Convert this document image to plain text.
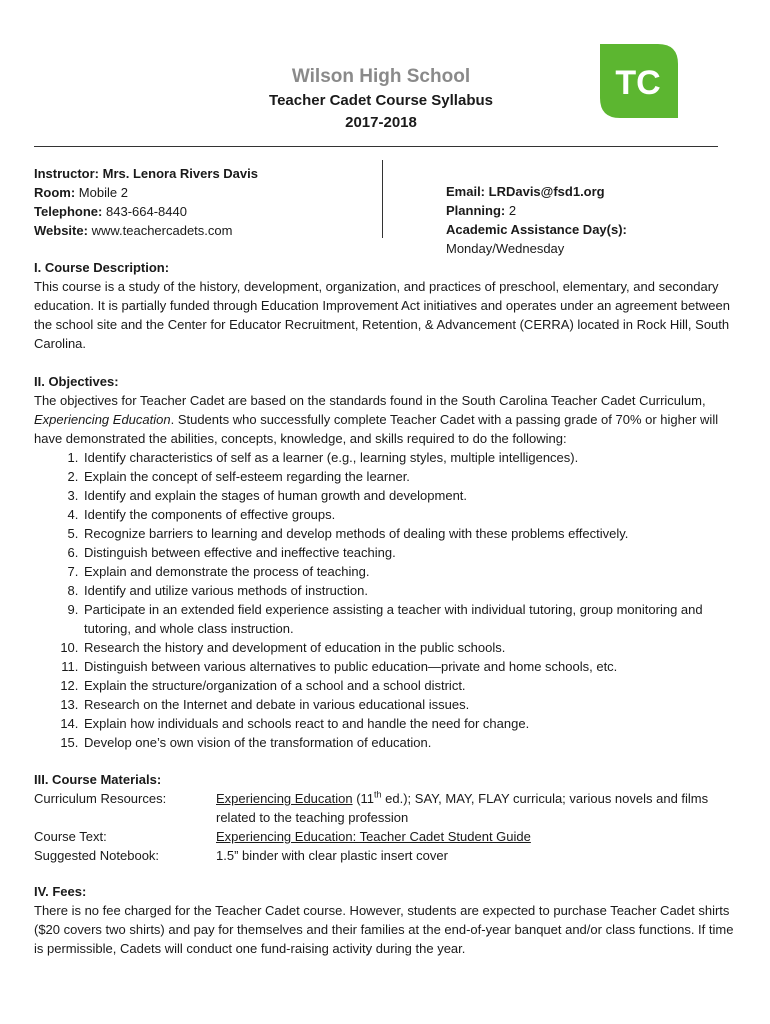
Wilson High School
Teacher Cadet Course Syllabus
2017-2018
TC
Instructor: Mrs. Lenora Rivers Davis
Room: Mobile 2
Telephone: 843-664-8440
Website: www.teachercadets.com
Email: LRDavis@fsd1.org
Planning: 2
Academic Assistance Day(s):
Monday/Wednesday
I. Course Description:
This course is a study of the history, development, organization, and practices of preschool, elementary, and secondary education. It is partially funded through Education Improvement Act initiatives and operates under an agreement between the school site and the Center for Educator Recruitment, Retention, & Advancement (CERRA) located in Rock Hill, South Carolina.
II. Objectives:
The objectives for Teacher Cadet are based on the standards found in the South Carolina Teacher Cadet Curriculum, Experiencing Education. Students who successfully complete Teacher Cadet with a passing grade of 70% or higher will have demonstrated the abilities, concepts, knowledge, and skills required to do the following:
1. Identify characteristics of self as a learner (e.g., learning styles, multiple intelligences).
2. Explain the concept of self-esteem regarding the learner.
3. Identify and explain the stages of human growth and development.
4. Identify the components of effective groups.
5. Recognize barriers to learning and develop methods of dealing with these problems effectively.
6. Distinguish between effective and ineffective teaching.
7. Explain and demonstrate the process of teaching.
8. Identify and utilize various methods of instruction.
9. Participate in an extended field experience assisting a teacher with individual tutoring, group monitoring and tutoring, and whole class instruction.
10. Research the history and development of education in the public schools.
11. Distinguish between various alternatives to public education—private and home schools, etc.
12. Explain the structure/organization of a school and a school district.
13. Research on the Internet and debate in various educational issues.
14. Explain how individuals and schools react to and handle the need for change.
15. Develop one’s own vision of the transformation of education.
III. Course Materials:
Curriculum Resources:	Experiencing Education (11th ed.); SAY, MAY, FLAY curricula; various novels and films related to the teaching profession
Course Text:	Experiencing Education: Teacher Cadet Student Guide
Suggested Notebook:	1.5” binder with clear plastic insert cover
IV. Fees:
There is no fee charged for the Teacher Cadet course. However, students are expected to purchase Teacher Cadet shirts ($20 covers two shirts) and pay for themselves and their families at the end-of-year banquet and/or class functions. If time is permissible, Cadets will conduct one fund-raising activity during the year.
